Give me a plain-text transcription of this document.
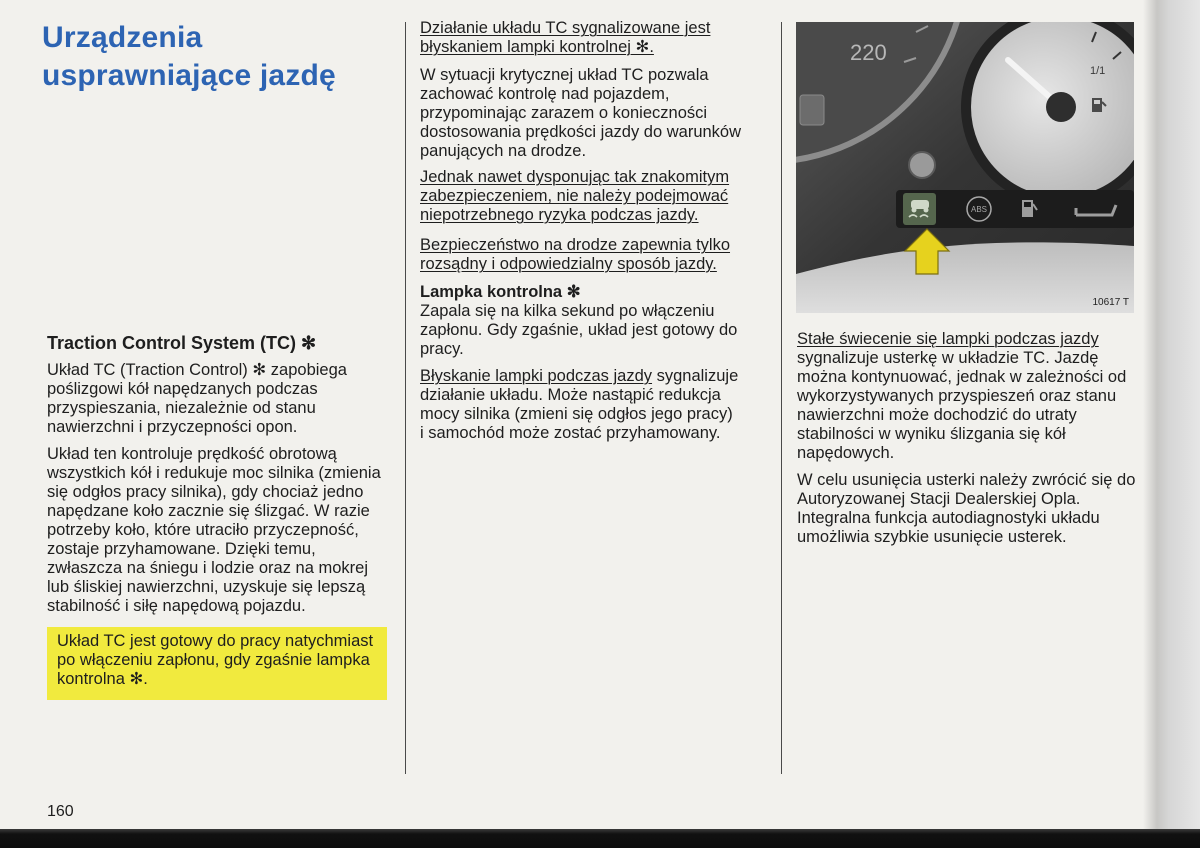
Urządzenia
usprawniające jazdę
Traction Control System (TC) ✻
Układ TC (Traction Control) ✻ zapobiega
poślizgowi kół napędzanych podczas
przyspieszania, niezależnie od stanu
nawierzchni i przyczepności opon.
Układ ten kontroluje prędkość obrotową
wszystkich kół i redukuje moc silnika (zmienia
się odgłos pracy silnika), gdy chociaż jedno
napędzane koło zacznie się ślizgać. W razie
potrzeby koło, które utraciło przyczepność,
zostaje przyhamowane. Dzięki temu,
zwłaszcza na śniegu i lodzie oraz na mokrej
lub śliskiej nawierzchni, uzyskuje się lepszą
stabilność i siłę napędową pojazdu.
Układ TC jest gotowy do pracy natychmiast
po włączeniu zapłonu, gdy zgaśnie lampka
kontrolna ✻.
160
Działanie układu TC sygnalizowane jest
błyskaniem lampki kontrolnej ✻.
W sytuacji krytycznej układ TC pozwala
zachować kontrolę nad pojazdem,
przypominając zarazem o konieczności
dostosowania prędkości jazdy do warunków
panujących na drodze.
Jednak nawet dysponując tak znakomitym
zabezpieczeniem, nie należy podejmować
niepotrzebnego ryzyka podczas jazdy.
Bezpieczeństwo na drodze zapewnia tylko
rozsądny i odpowiedzialny sposób jazdy.
Lampka kontrolna ✻
Zapala się na kilka sekund po włączeniu
zapłonu. Gdy zgaśnie, układ jest gotowy do
pracy.
Błyskanie lampki podczas jazdy sygnalizuje
działanie układu. Może nastąpić redukcja
mocy silnika (zmieni się odgłos jego pracy)
i samochód może zostać przyhamowany.
220
1/1
ABS
10617 T
Stałe świecenie się lampki podczas jazdy
sygnalizuje usterkę w układzie TC. Jazdę
można kontynuować, jednak w zależności od
wykorzystywanych przyspieszeń oraz stanu
nawierzchni może dochodzić do utraty
stabilności w wyniku ślizgania się kół
napędowych.
W celu usunięcia usterki należy zwrócić się do
Autoryzowanej Stacji Dealerskiej Opla.
Integralna funkcja autodiagnostyki układu
umożliwia szybkie usunięcie usterek.
